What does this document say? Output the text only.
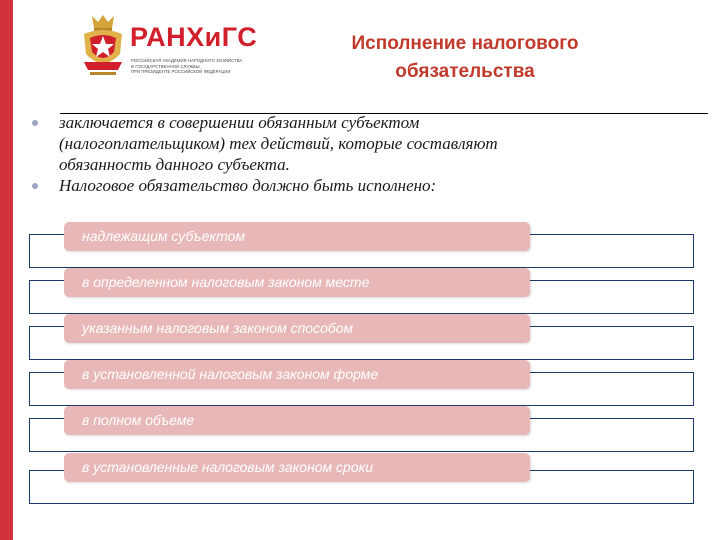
РАНХиГС
РОССИЙСКАЯ АКАДЕМИЯ НАРОДНОГО ХОЗЯЙСТВА
И ГОСУДАРСТВЕННОЙ СЛУЖБЫ
ПРИ ПРЕЗИДЕНТЕ РОССИЙСКОЙ ФЕДЕРАЦИИ
Исполнение налогового
обязательства
заключается в совершении обязанным субъектом
(налогоплательщиком) тех действий, которые составляют
обязанность данного субъекта.
Налоговое обязательство должно быть исполнено:
надлежащим субъектом
в определенном налоговым законом месте
указанным налоговым законом способом
в установленной налоговым законом форме
в полном объеме
в установленные налоговым законом сроки
